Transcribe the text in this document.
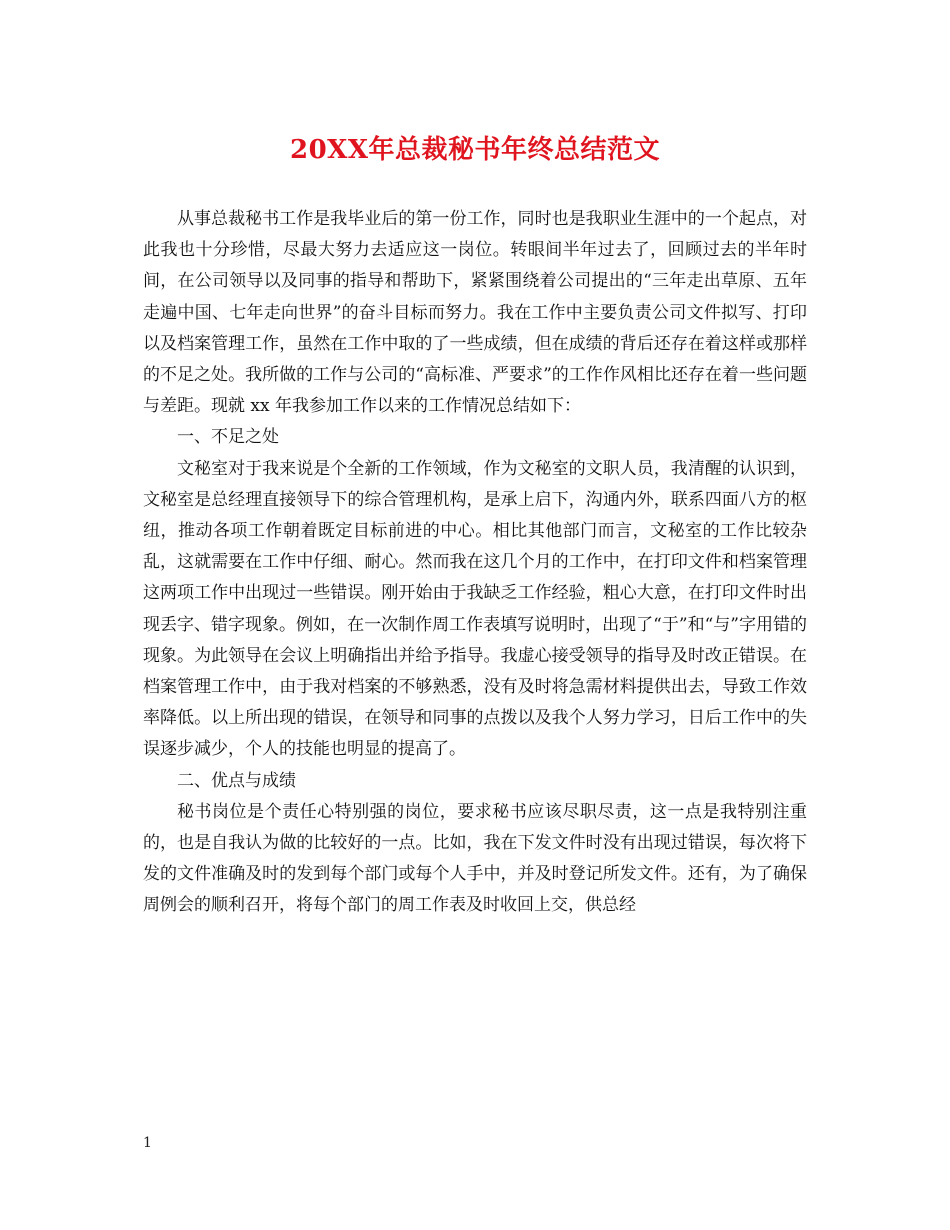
20XX年总裁秘书年终总结范文

从事总裁秘书工作是我毕业后的第一份工作，同时也是我职业生涯中的一个起点，对此我也十分珍惜，尽最大努力去适应这一岗位。转眼间半年过去了，回顾过去的半年时间，在公司领导以及同事的指导和帮助下，紧紧围绕着公司提出的“三年走出草原、五年走遍中国、七年走向世界”的奋斗目标而努力。我在工作中主要负责公司文件拟写、打印以及档案管理工作，虽然在工作中取的了一些成绩，但在成绩的背后还存在着这样或那样的不足之处。我所做的工作与公司的“高标准、严要求”的工作作风相比还存在着一些问题与差距。现就 xx 年我参加工作以来的工作情况总结如下：

一、不足之处

文秘室对于我来说是个全新的工作领域，作为文秘室的文职人员，我清醒的认识到，文秘室是总经理直接领导下的综合管理机构，是承上启下，沟通内外，联系四面八方的枢纽，推动各项工作朝着既定目标前进的中心。相比其他部门而言，文秘室的工作比较杂乱，这就需要在工作中仔细、耐心。然而我在这几个月的工作中，在打印文件和档案管理这两项工作中出现过一些错误。刚开始由于我缺乏工作经验，粗心大意，在打印文件时出现丢字、错字现象。例如，在一次制作周工作表填写说明时，出现了“于”和“与”字用错的现象。为此领导在会议上明确指出并给予指导。我虚心接受领导的指导及时改正错误。在档案管理工作中，由于我对档案的不够熟悉，没有及时将急需材料提供出去，导致工作效率降低。以上所出现的错误，在领导和同事的点拨以及我个人努力学习，日后工作中的失误逐步减少，个人的技能也明显的提高了。

二、优点与成绩

秘书岗位是个责任心特别强的岗位，要求秘书应该尽职尽责，这一点是我特别注重的，也是自我认为做的比较好的一点。比如，我在下发文件时没有出现过错误，每次将下发的文件准确及时的发到每个部门或每个人手中，并及时登记所发文件。还有，为了确保周例会的顺利召开，将每个部门的周工作表及时收回上交，供总经

1
